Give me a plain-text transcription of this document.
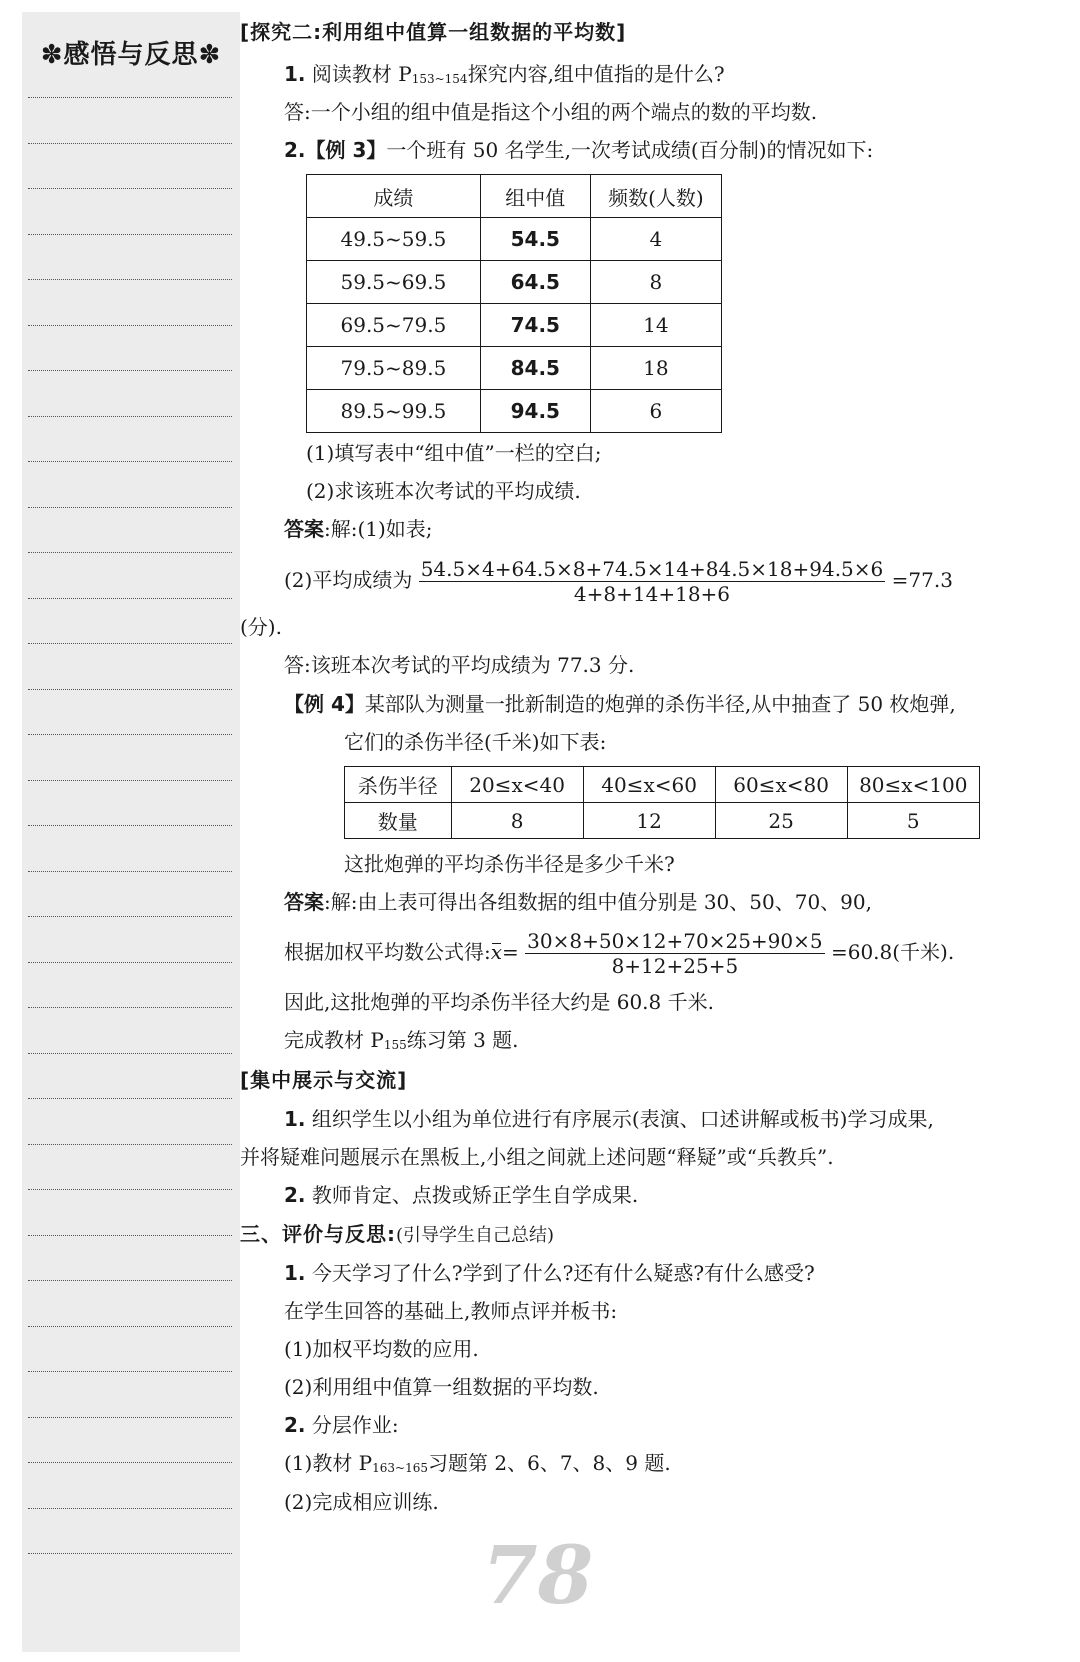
✽感悟与反思✽
[探究二:利用组中值算一组数据的平均数]
1. 阅读教材 P153~154探究内容,组中值指的是什么?
答:一个小组的组中值是指这个小组的两个端点的数的平均数.
2.【例 3】一个班有 50 名学生,一次考试成绩(百分制)的情况如下:
成绩	组中值	频数(人数)
49.5~59.5	54.5	4
59.5~69.5	64.5	8
69.5~79.5	74.5	14
79.5~89.5	84.5	18
89.5~99.5	94.5	6
(1)填写表中“组中值”一栏的空白;
(2)求该班本次考试的平均成绩.
答案:解:(1)如表;
(2)平均成绩为 $\frac{54.5\times 4+64.5\times 8+74.5\times 14+84.5\times 18+94.5\times 6}{4+8+14+18+6} =77.3$
(分).
答:该班本次考试的平均成绩为 77.3 分.
【例 4】某部队为测量一批新制造的炮弹的杀伤半径,从中抽查了 50 枚炮弹,
它们的杀伤半径(千米)如下表:
杀伤半径	20≤x<40	40≤x<60	60≤x<80	80≤x<100
数量	8	12	25	5
这批炮弹的平均杀伤半径是多少千米?
答案:解:由上表可得出各组数据的组中值分别是 30、50、70、90,
根据加权平均数公式得:x= $\frac{30\times 8+50\times 12+70\times 25+90\times 5}{8+12+25+5} =60.8$(千米).
因此,这批炮弹的平均杀伤半径大约是 60.8 千米.
完成教材 P155练习第 3 题.
[集中展示与交流]
1. 组织学生以小组为单位进行有序展示(表演、口述讲解或板书)学习成果,
并将疑难问题展示在黑板上,小组之间就上述问题“释疑”或“兵教兵”.
2. 教师肯定、点拨或矫正学生自学成果.
三、评价与反思:(引导学生自己总结)
1. 今天学习了什么?学到了什么?还有什么疑惑?有什么感受?
在学生回答的基础上,教师点评并板书:
(1)加权平均数的应用.
(2)利用组中值算一组数据的平均数.
2. 分层作业:
(1)教材 P163~165习题第 2、6、7、8、9 题.
(2)完成相应训练.
78
